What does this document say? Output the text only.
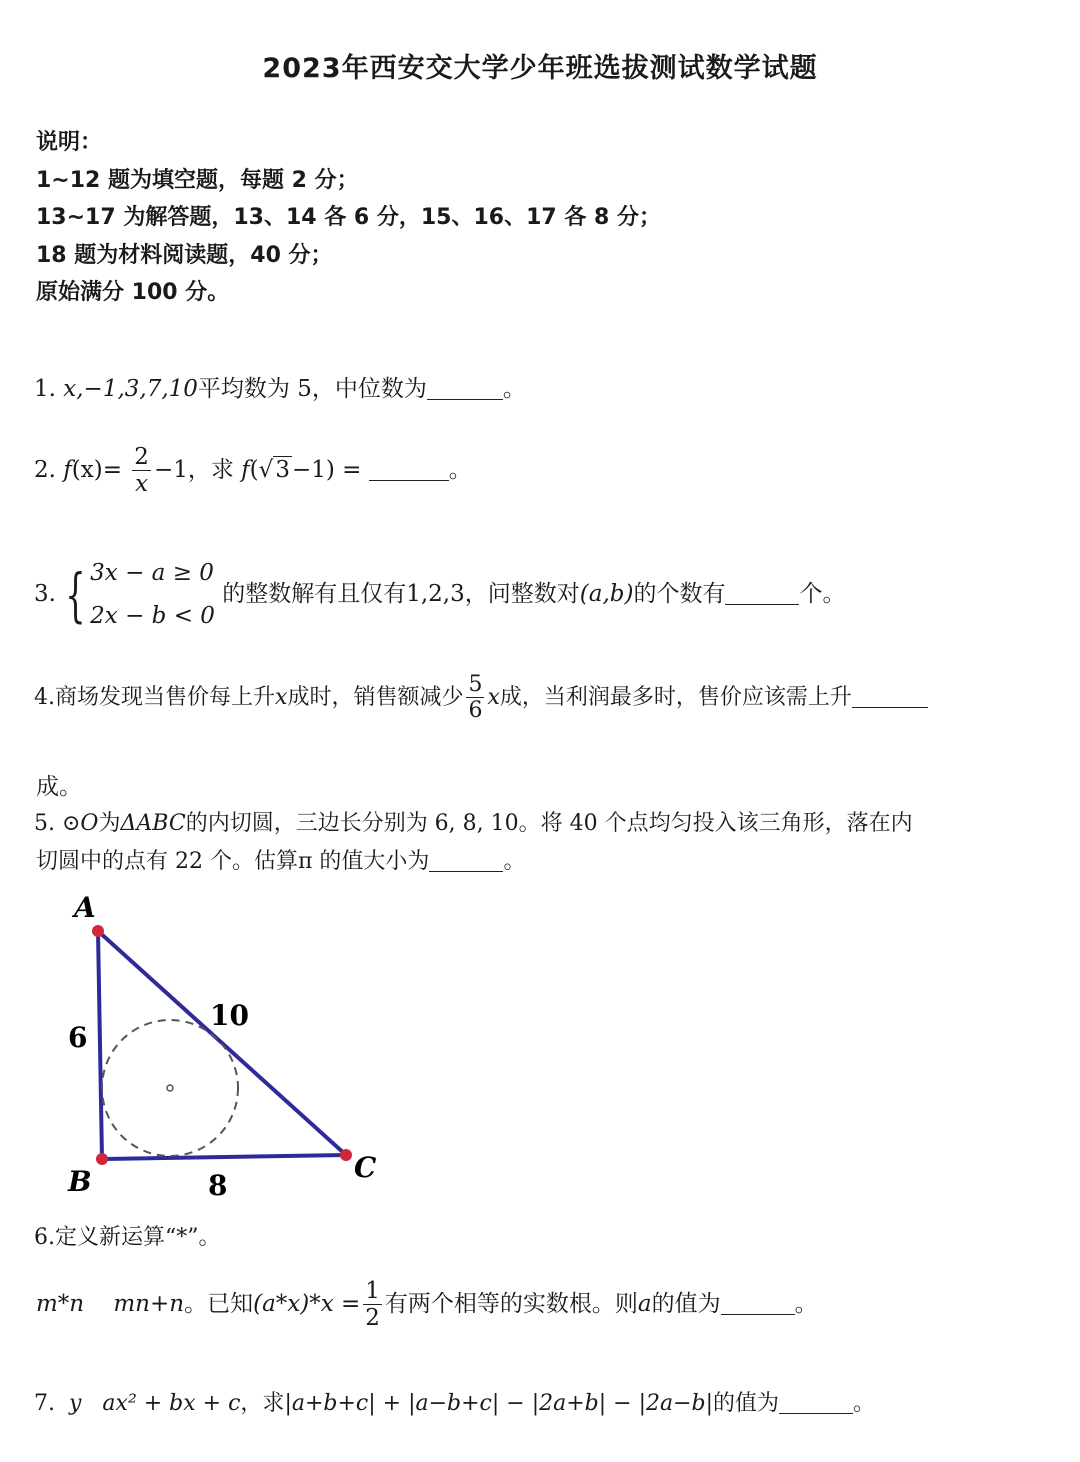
2023年西安交大学少年班选拔测试数学试题
说明：
1~12 题为填空题，每题 2 分；
13~17 为解答题，13、14 各 6 分，15、16、17 各 8 分；
18 题为材料阅读题，40 分；
原始满分 100 分。
1. x,−1,3,7,10平均数为 5，中位数为	。
2. $f(x)= \frac{2}{x} -1$，求 f(√3−1) =	。
3. { 3x − a ≥ 0
2x − b < 0
的整数解有且仅有1,2,3，问整数对(a,b)的个数有	个。
4.商场发现当售价每上升x成时，销售额减少 $\frac{5}{6}$ x成，当利润最多时，售价应该需上升
成。
5. ⊙O为ΔABC的内切圆，三边长分别为 6, 8, 10。将 40 个点均匀投入该三角形，落在内
切圆中的点有 22 个。估算π 的值大小为	。
A
B	C
6
10
8
6.定义新运算“*”。
m*n mn+n。已知$(a*x)*x = \frac{1}{2}$ 有两个相等的实数根。则a的值为	。
7. y ax² + bx + c，求|a+b+c| + |a−b+c| − |2a+b| − |2a−b|的值为	。
